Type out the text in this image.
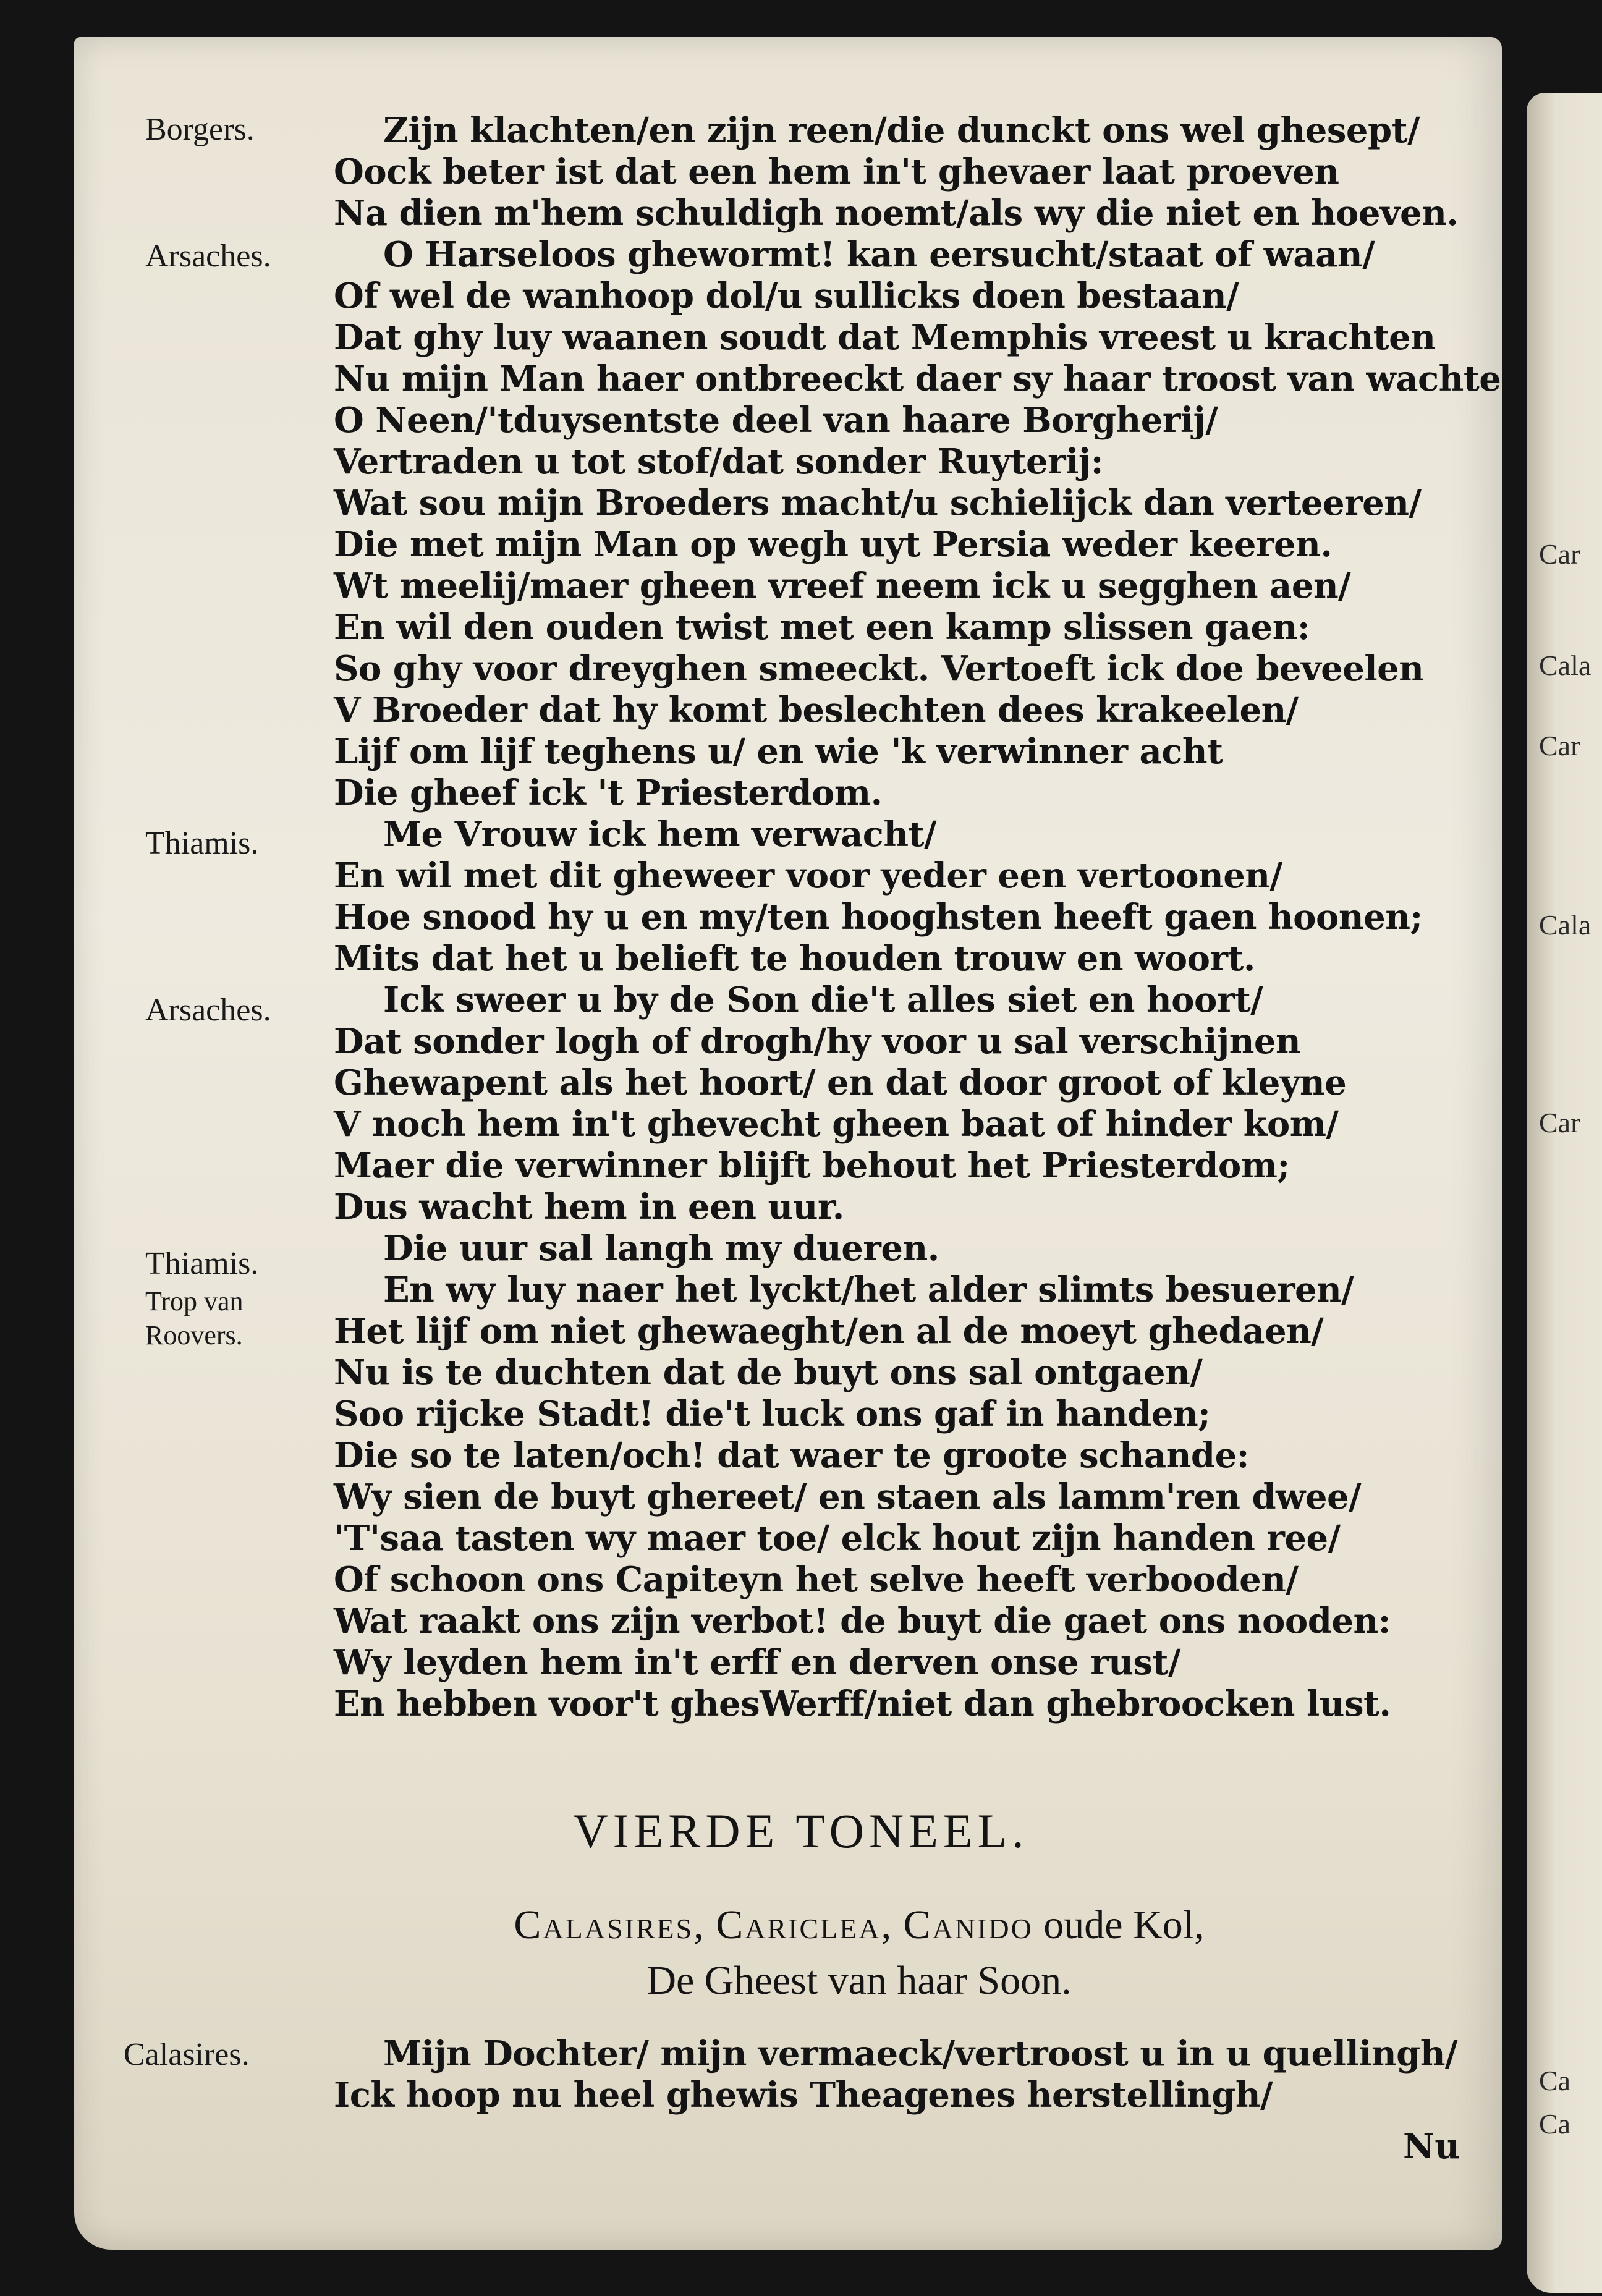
Car
Cala
Car
Cala
Car
Ca
Ca
Borgers.
Arsaches.
Thiamis.
Arsaches.
Thiamis.
Trop van
Roovers.
Calasires.
Zijn klachten/en zijn reen/die dunckt ons wel ghesept/
Oock beter ist dat een hem in't ghevaer laat proeven
Na dien m'hem schuldigh noemt/als wy die niet en hoeven.
O Harseloos ghewormt! kan eersucht/staat of waan/
Of wel de wanhoop dol/u sullicks doen bestaan/
Dat ghy luy waanen soudt dat Memphis vreest u krachten
Nu mijn Man haer ontbreeckt daer sy haar troost van wachten
O Neen/'tduysentste deel van haare Borgherij/
Vertraden u tot stof/dat sonder Ruyterij:
Wat sou mijn Broeders macht/u schielijck dan verteeren/
Die met mijn Man op wegh uyt Persia weder keeren.
Wt meelij/maer gheen vreef neem ick u segghen aen/
En wil den ouden twist met een kamp slissen gaen:
So ghy voor dreyghen smeeckt. Vertoeft ick doe beveelen
V Broeder dat hy komt beslechten dees krakeelen/
Lijf om lijf teghens u/ en wie 'k verwinner acht
Die gheef ick 't Priesterdom.
Me Vrouw ick hem verwacht/
En wil met dit gheweer voor yeder een vertoonen/
Hoe snood hy u en my/ten hooghsten heeft gaen hoonen;
Mits dat het u belieft te houden trouw en woort.
Ick sweer u by de Son die't alles siet en hoort/
Dat sonder logh of drogh/hy voor u sal verschijnen
Ghewapent als het hoort/ en dat door groot of kleyne
V noch hem in't ghevecht gheen baat of hinder kom/
Maer die verwinner blijft behout het Priesterdom;
Dus wacht hem in een uur.
Die uur sal langh my dueren.
En wy luy naer het lyckt/het alder slimts besueren/
Het lijf om niet ghewaeght/en al de moeyt ghedaen/
Nu is te duchten dat de buyt ons sal ontgaen/
Soo rijcke Stadt! die't luck ons gaf in handen;
Die so te laten/och! dat waer te groote schande:
Wy sien de buyt ghereet/ en staen als lamm'ren dwee/
'T'saa tasten wy maer toe/ elck hout zijn handen ree/
Of schoon ons Capiteyn het selve heeft verbooden/
Wat raakt ons zijn verbot! de buyt die gaet ons nooden:
Wy leyden hem in't erff en derven onse rust/
En hebben voor't ghesWerff/niet dan ghebroocken lust.
VIERDE TONEEL.
Calasires, Cariclea, Canido oude Kol,
De Gheest van haar Soon.
Mijn Dochter/ mijn vermaeck/vertroost u in u quellingh/
Ick hoop nu heel ghewis Theagenes herstellingh/
Nu
